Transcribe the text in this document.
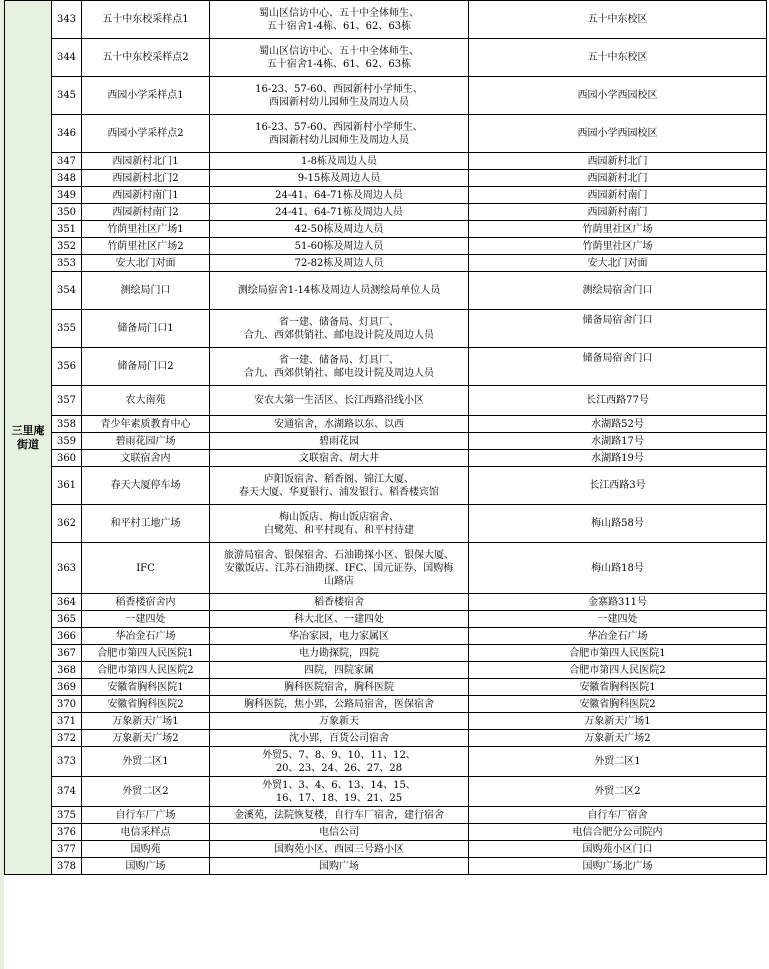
三里庵
街道	343	五十中东校采样点1	蜀山区信访中心、五十中全体师生、
五十宿舍1-4栋、61、62、63栋	五十中东校区
	344	五十中东校采样点2	蜀山区信访中心、五十中全体师生、
五十宿舍1-4栋、61、62、63栋	五十中东校区
	345	西园小学采样点1	16-23、57-60、西园新村小学师生、
西园新村幼儿园师生及周边人员	西园小学西园校区
	346	西园小学采样点2	16-23、57-60、西园新村小学师生、
西园新村幼儿园师生及周边人员	西园小学西园校区
	347	西园新村北门1	1-8栋及周边人员	西园新村北门
	348	西园新村北门2	9-15栋及周边人员	西园新村北门
	349	西园新村南门1	24-41、64-71栋及周边人员	西园新村南门
	350	西园新村南门2	24-41、64-71栋及周边人员	西园新村南门
	351	竹荫里社区广场1	42-50栋及周边人员	竹荫里社区广场
	352	竹荫里社区广场2	51-60栋及周边人员	竹荫里社区广场
	353	安大北门对面	72-82栋及周边人员	安大北门对面
	354	测绘局门口	测绘局宿舍1-14栋及周边人员测绘局单位人员	测绘局宿舍门口
	355	储备局门口1	省一建、储备局、灯具厂、
合九、西郊供销社、邮电设计院及周边人员	储备局宿舍门口
	356	储备局门口2	省一建、储备局、灯具厂、
合九、西郊供销社、邮电设计院及周边人员	储备局宿舍门口
	357	农大南苑	安农大第一生活区、长江西路沿线小区	长江西路77号
	358	青少年素质教育中心	安通宿舍，水湖路以东、以西	水湖路52号
	359	碧雨花园广场	碧雨花园	水湖路17号
	360	文联宿舍内	文联宿舍、胡大井	水湖路19号
	361	春天大厦停车场	庐阳饭宿舍、稻香阁、锦江大厦、
春天大厦、华夏银行、浦发银行、稻香楼宾馆	长江西路3号
	362	和平村工地广场	梅山饭店、梅山饭店宿舍、
白鹭苑、和平村现有、和平村待建	梅山路58号
	363	IFC	旅游局宿舍、银保宿舍、石油勘探小区、银保大厦、
安徽饭店、江苏石油勘探、IFC、国元证券、国购梅
山路店	梅山路18号
	364	稻香楼宿舍内	稻香楼宿舍	金寨路311号
	365	一建四处	科大北区、一建四处	一建四处
	366	华冶金石广场	华冶家园，电力家属区	华冶金石广场
	367	合肥市第四人民医院1	电力勘探院，四院	合肥市第四人民医院1
	368	合肥市第四人民医院2	四院，四院家属	合肥市第四人民医院2
	369	安徽省胸科医院1	胸科医院宿舍，胸科医院	安徽省胸科医院1
	370	安徽省胸科医院2	胸科医院，焦小郢，公路局宿舍，医保宿舍	安徽省胸科医院2
	371	万象新天广场1	万象新天	万象新天广场1
	372	万象新天广场2	沈小郢，百货公司宿舍	万象新天广场2
	373	外贸二区1	外贸5、7、8、9、10、11、12、
20、23、24、26、27、28	外贸二区1
	374	外贸二区2	外贸1、3、4、6、13、14、15、
16、17、18、19、21、25	外贸二区2
	375	自行车厂广场	金溪苑，法院恢复楼，自行车厂宿舍，建行宿舍	自行车厂宿舍
	376	电信采样点	电信公司	电信合肥分公司院内
	377	国购苑	国购苑小区、西园三号路小区	国购苑小区门口
	378	国购广场	国购广场	国购广场北广场
